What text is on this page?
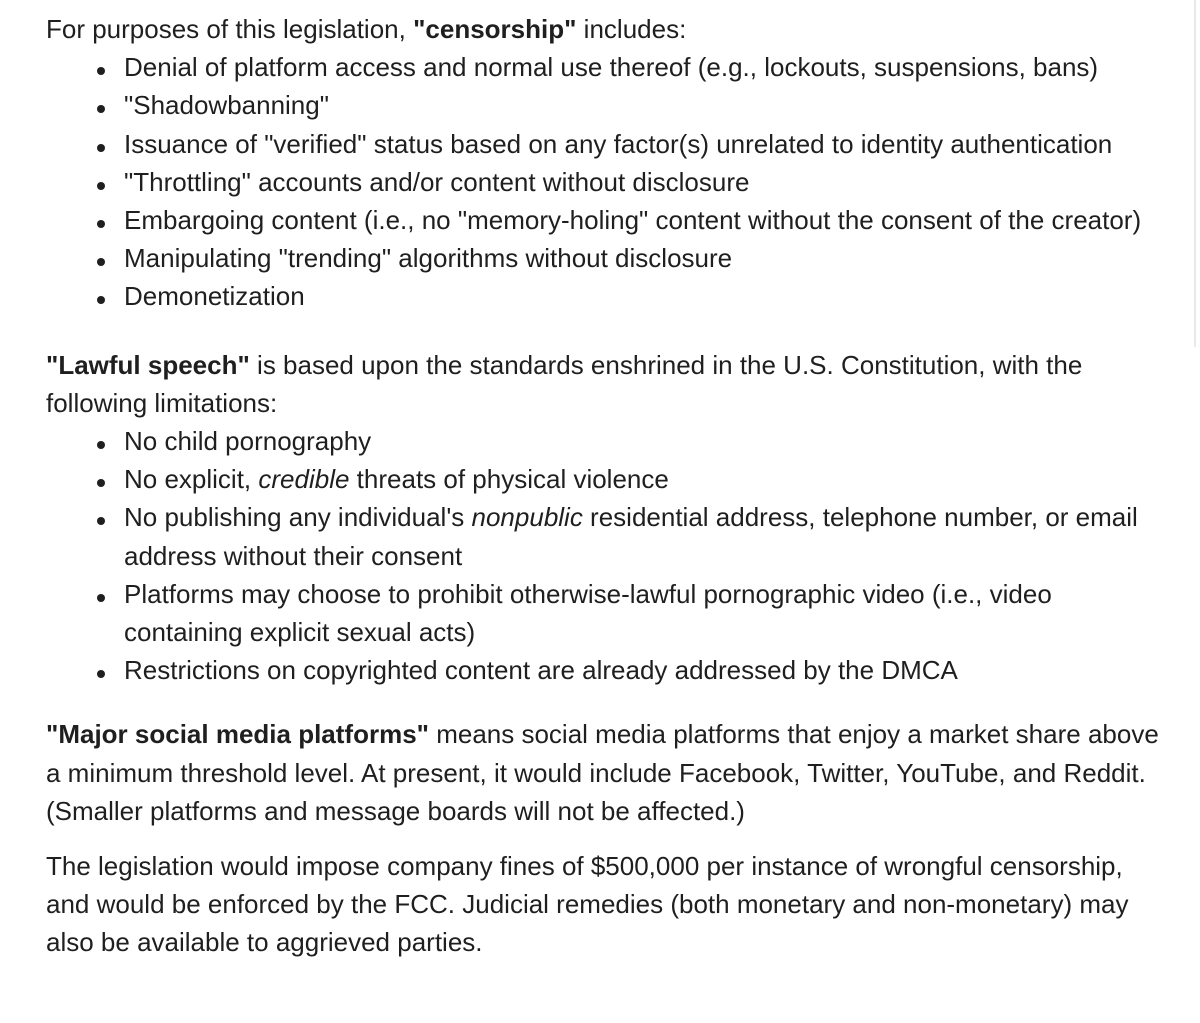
For purposes of this legislation, "censorship" includes:

Denial of platform access and normal use thereof (e.g., lockouts, suspensions, bans)
"Shadowbanning"
Issuance of "verified" status based on any factor(s) unrelated to identity authentication
"Throttling" accounts and/or content without disclosure
Embargoing content (i.e., no "memory-holing" content without the consent of the creator)
Manipulating "trending" algorithms without disclosure
Demonetization

"Lawful speech" is based upon the standards enshrined in the U.S. Constitution, with the
following limitations:

No child pornography
No explicit, credible threats of physical violence
No publishing any individual's nonpublic residential address, telephone number, or email
address without their consent
Platforms may choose to prohibit otherwise-lawful pornographic video (i.e., video
containing explicit sexual acts)
Restrictions on copyrighted content are already addressed by the DMCA

"Major social media platforms" means social media platforms that enjoy a market share above
a minimum threshold level. At present, it would include Facebook, Twitter, YouTube, and Reddit.
(Smaller platforms and message boards will not be affected.)

The legislation would impose company fines of $500,000 per instance of wrongful censorship,
and would be enforced by the FCC. Judicial remedies (both monetary and non-monetary) may
also be available to aggrieved parties.
